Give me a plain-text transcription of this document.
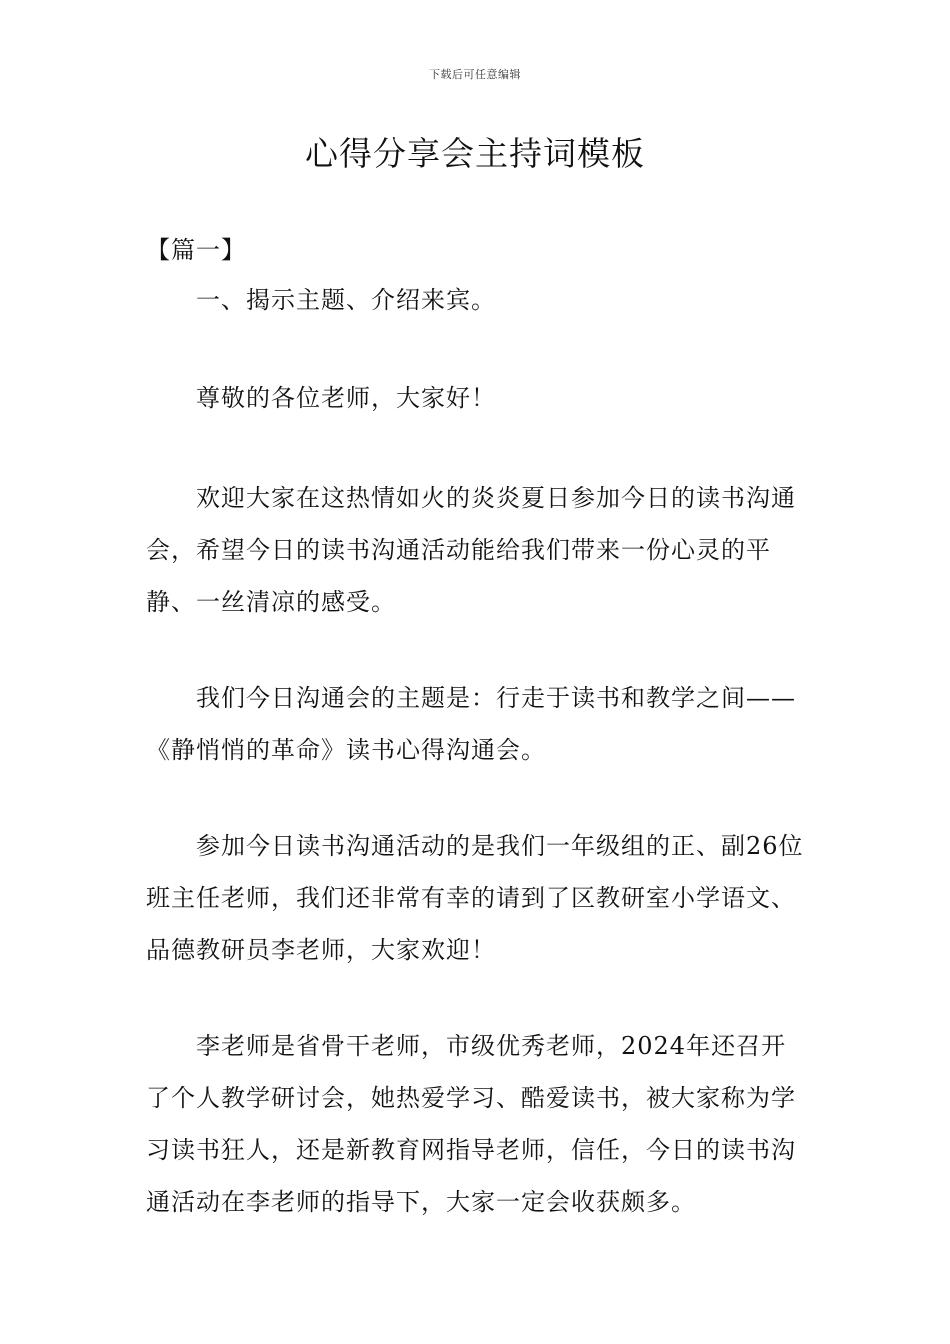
下载后可任意编辑
心得分享会主持词模板
【篇一】

一、揭示主题、介绍来宾。

尊敬的各位老师，大家好！

欢迎大家在这热情如火的炎炎夏日参加今日的读书沟通会，希望今日的读书沟通活动能给我们带来一份心灵的平静、一丝清凉的感受。

我们今日沟通会的主题是：行走于读书和教学之间——《静悄悄的革命》读书心得沟通会。

参加今日读书沟通活动的是我们一年级组的正、副26位班主任老师，我们还非常有幸的请到了区教研室小学语文、品德教研员李老师，大家欢迎！

李老师是省骨干老师，市级优秀老师，2024年还召开了个人教学研讨会，她热爱学习、酷爱读书，被大家称为学习读书狂人，还是新教育网指导老师，信任，今日的读书沟通活动在李老师的指导下，大家一定会收获颇多。
